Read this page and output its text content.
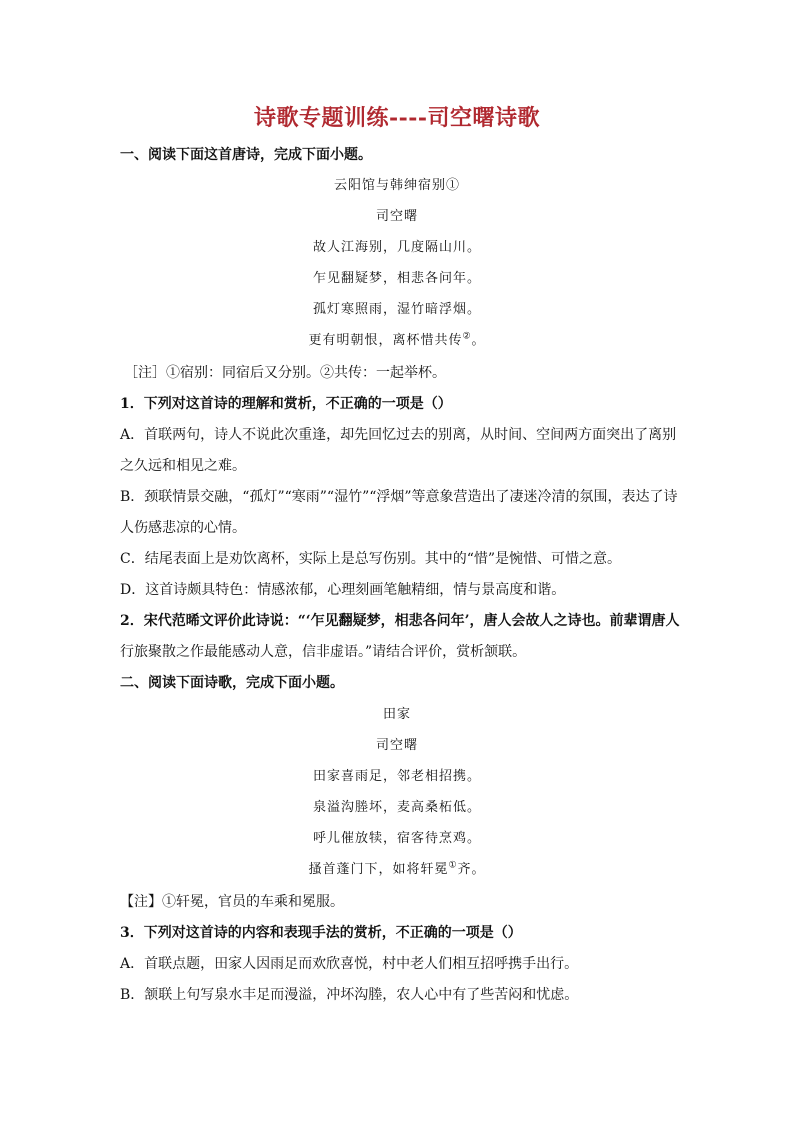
诗歌专题训练----司空曙诗歌
一、阅读下面这首唐诗，完成下面小题。
云阳馆与韩绅宿别①
司空曙
故人江海别，几度隔山川。
乍见翻疑梦，相悲各问年。
孤灯寒照雨，湿竹暗浮烟。
更有明朝恨，离杯惜共传②。
［注］①宿别：同宿后又分别。②共传：一起举杯。
1．下列对这首诗的理解和赏析，不正确的一项是（）
A．首联两句，诗人不说此次重逢，却先回忆过去的别离，从时间、空间两方面突出了离别
之久远和相见之难。
B．颈联情景交融，“孤灯”“寒雨”“湿竹”“浮烟”等意象营造出了凄迷冷清的氛围，表达了诗
人伤感悲凉的心情。
C．结尾表面上是劝饮离杯，实际上是总写伤别。其中的“惜”是惋惜、可惜之意。
D．这首诗颇具特色：情感浓郁，心理刻画笔触精细，情与景高度和谐。
2．宋代范晞文评价此诗说：“‘乍见翻疑梦，相悲各问年’，唐人会故人之诗也。前辈谓唐人
行旅聚散之作最能感动人意，信非虚语。”请结合评价，赏析颔联。
二、阅读下面诗歌，完成下面小题。
田家
司空曙
田家喜雨足，邻老相招携。
泉溢沟塍坏，麦高桑柘低。
呼儿催放犊，宿客待烹鸡。
搔首蓬门下，如将轩冕①齐。
【注】①轩冕，官员的车乘和冕服。
3．下列对这首诗的内容和表现手法的赏析，不正确的一项是（）
A．首联点题，田家人因雨足而欢欣喜悦，村中老人们相互招呼携手出行。
B．颔联上句写泉水丰足而漫溢，冲坏沟塍，农人心中有了些苦闷和忧虑。
